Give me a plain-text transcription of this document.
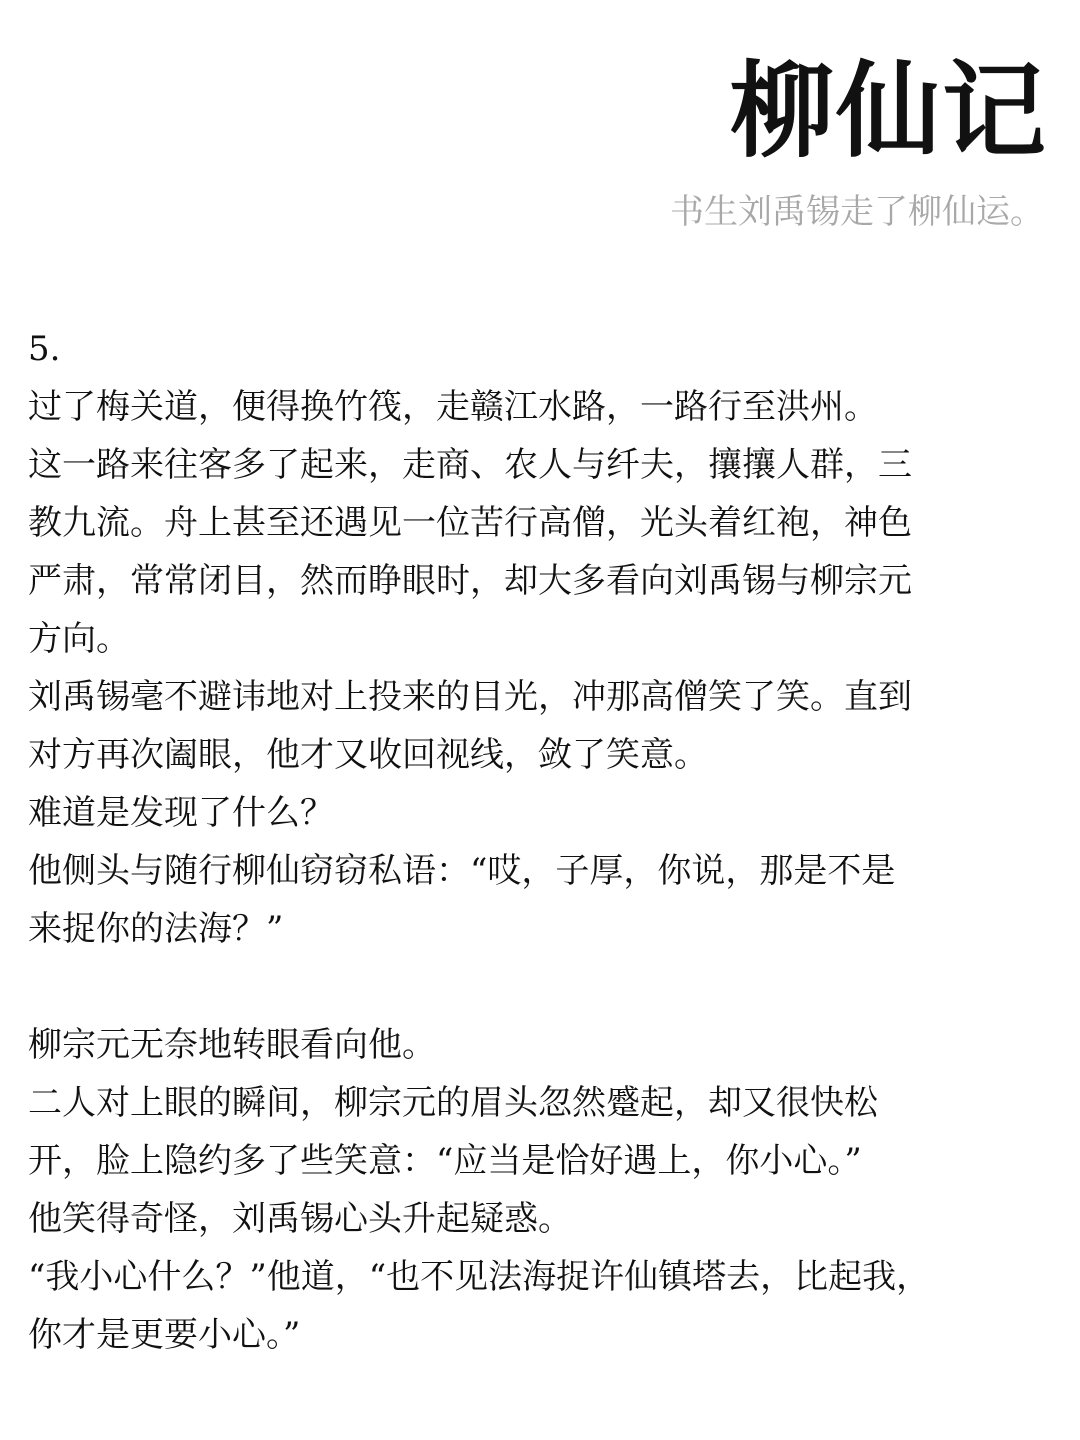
柳仙记

书生刘禹锡走了柳仙运。

5.

过了梅关道，便得换竹筏，走赣江水路，一路行至洪州。

这一路来往客多了起来，走商、农人与纤夫，攘攘人群，三

教九流。舟上甚至还遇见一位苦行高僧，光头着红袍，神色

严肃，常常闭目，然而睁眼时，却大多看向刘禹锡与柳宗元

方向。

刘禹锡毫不避讳地对上投来的目光，冲那高僧笑了笑。直到

对方再次阖眼，他才又收回视线，敛了笑意。

难道是发现了什么？

他侧头与随行柳仙窃窃私语：“哎，子厚，你说，那是不是

来捉你的法海？”

柳宗元无奈地转眼看向他。

二人对上眼的瞬间，柳宗元的眉头忽然蹙起，却又很快松

开，脸上隐约多了些笑意：“应当是恰好遇上，你小心。”

他笑得奇怪，刘禹锡心头升起疑惑。

“我小心什么？”他道，“也不见法海捉许仙镇塔去，比起我，

你才是更要小心。”
